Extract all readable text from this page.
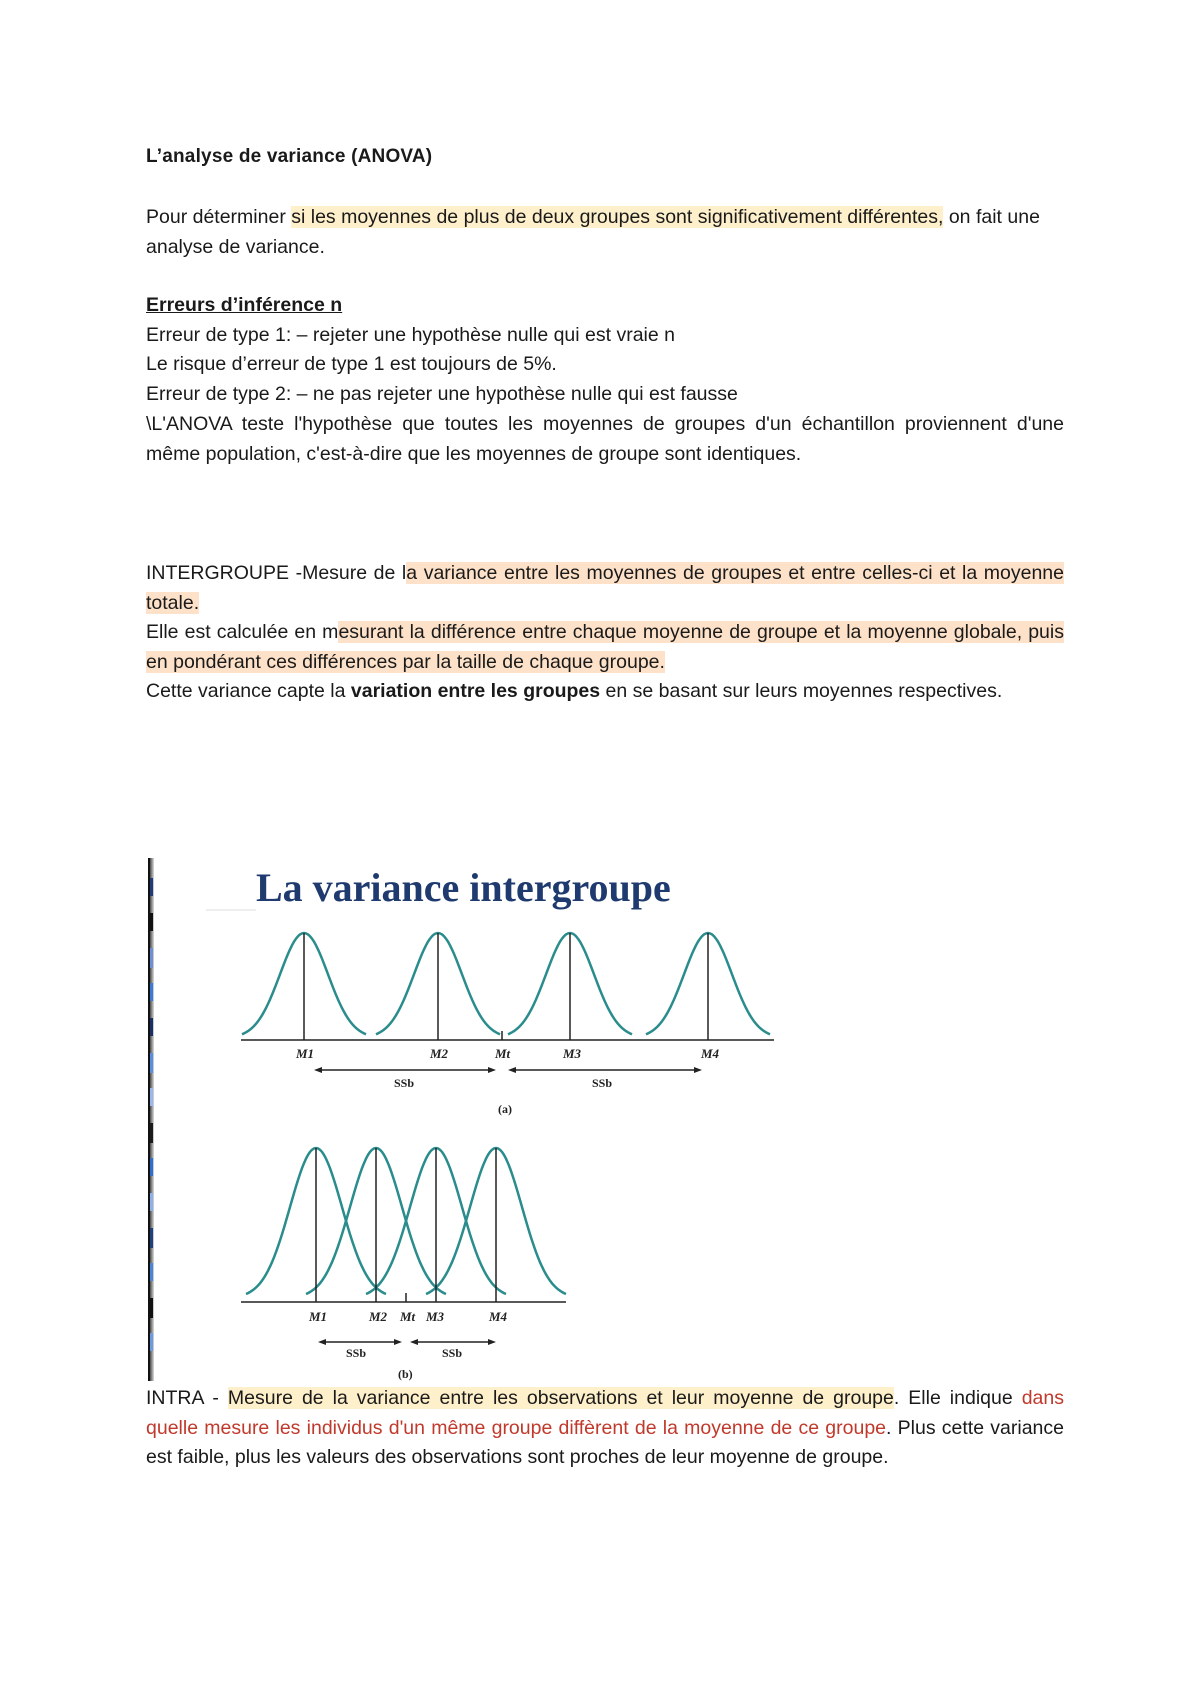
L’analyse de variance (ANOVA)

Pour déterminer si les moyennes de plus de deux groupes sont significativement différentes, on fait une analyse de variance.

Erreurs d’inférence n

Erreur de type 1: – rejeter une hypothèse nulle qui est vraie n

Le risque d’erreur de type 1 est toujours de 5%.

Erreur de type 2: – ne pas rejeter une hypothèse nulle qui est fausse

\L'ANOVA teste l'hypothèse que toutes les moyennes de groupes d'un échantillon proviennent d'une même population, c'est-à-dire que les moyennes de groupe sont identiques.

INTERGROUPE -Mesure de la variance entre les moyennes de groupes et entre celles-ci et la moyenne totale.
Elle est calculée en mesurant la différence entre chaque moyenne de groupe et la moyenne globale, puis en pondérant ces différences par la taille de chaque groupe.
Cette variance capte la variation entre les groupes en se basant sur leurs moyennes respectives.

INTRA - Mesure de la variance entre les observations et leur moyenne de groupe. Elle indique dans quelle mesure les individus d'un même groupe diffèrent de la moyenne de ce groupe. Plus cette variance est faible, plus les valeurs des observations sont proches de leur moyenne de groupe.

La variance intergroupe
M1	M2	Mt	M3	M4
SSb	SSb
(a)
M1	M2 Mt M3	M4
SSb	SSb
(b)
